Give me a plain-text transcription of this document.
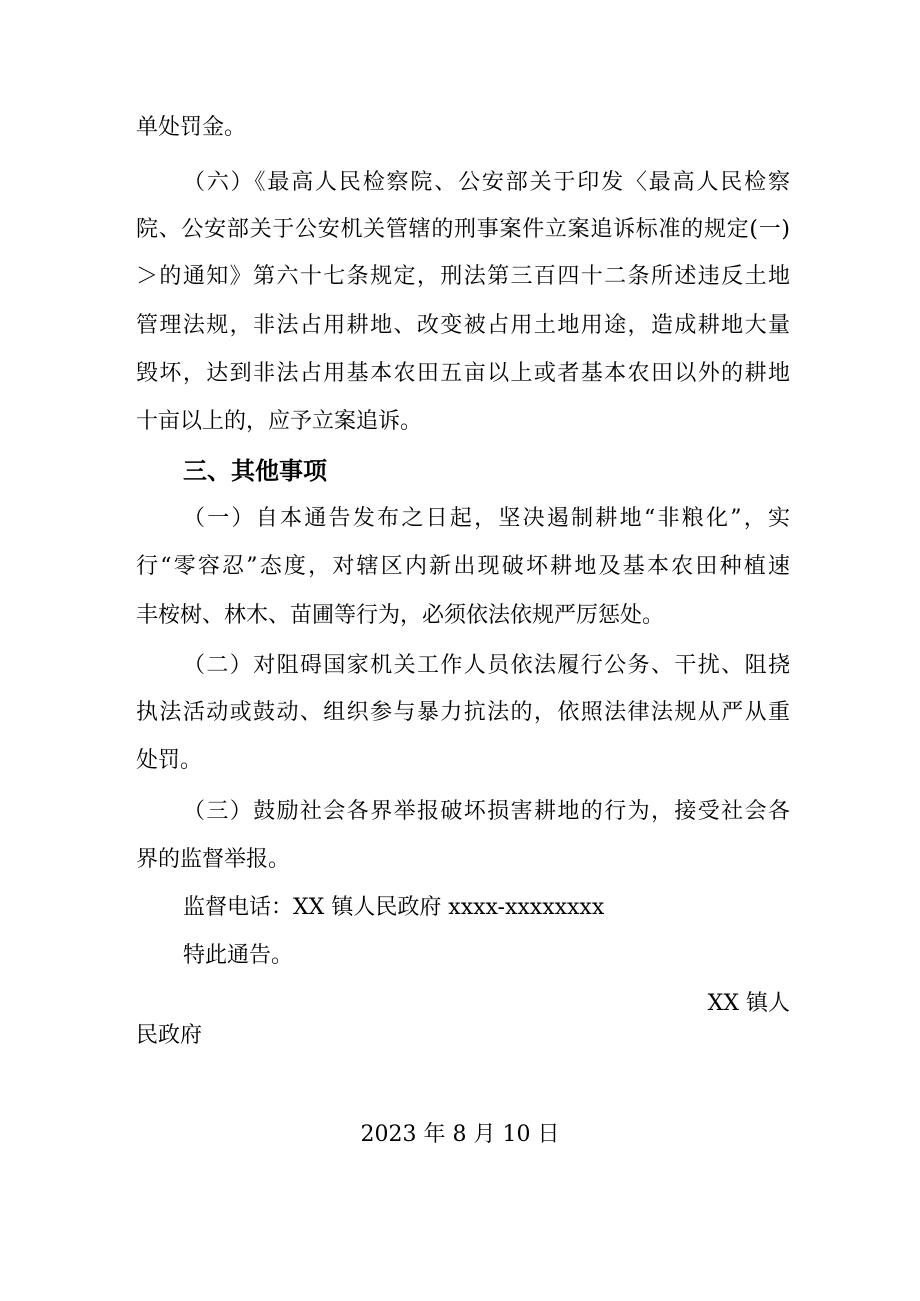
单处罚金。
（六）《最高人民检察院、公安部关于印发〈最高人民检察
院、公安部关于公安机关管辖的刑事案件立案追诉标准的规定(一)
＞的通知》第六十七条规定，刑法第三百四十二条所述违反土地
管理法规，非法占用耕地、改变被占用土地用途，造成耕地大量
毁坏，达到非法占用基本农田五亩以上或者基本农田以外的耕地
十亩以上的，应予立案追诉。
三、其他事项
（一）自本通告发布之日起，坚决遏制耕地“非粮化”，实
行“零容忍”态度，对辖区内新出现破坏耕地及基本农田种植速
丰桉树、林木、苗圃等行为，必须依法依规严厉惩处。
（二）对阻碍国家机关工作人员依法履行公务、干扰、阻挠
执法活动或鼓动、组织参与暴力抗法的，依照法律法规从严从重
处罚。
（三）鼓励社会各界举报破坏损害耕地的行为，接受社会各
界的监督举报。
监督电话：XX 镇人民政府 xxxx-xxxxxxxx
特此通告。
XX 镇人
民政府
2023 年 8 月 10 日
